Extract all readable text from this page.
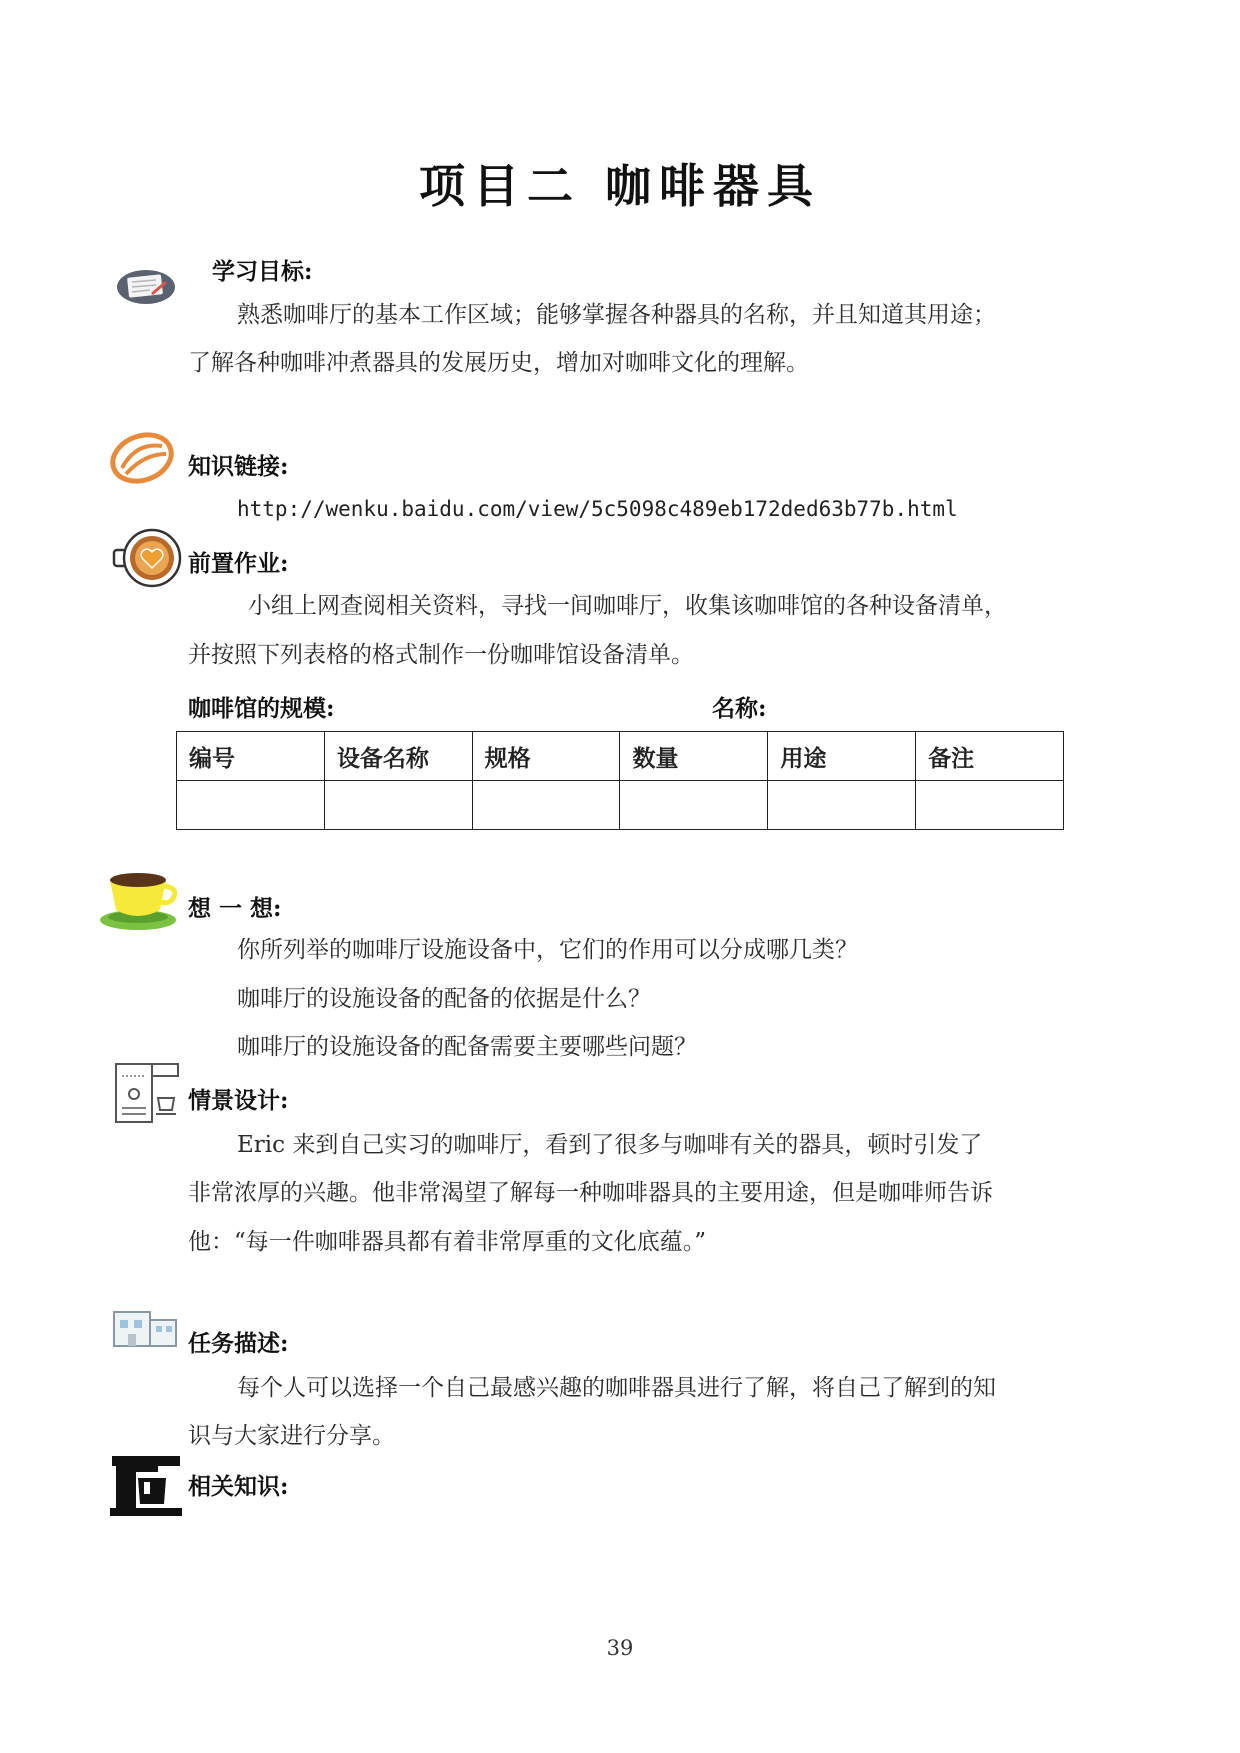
项目二 咖啡器具
学习目标:
熟悉咖啡厅的基本工作区域；能够掌握各种器具的名称，并且知道其用途；
了解各种咖啡冲煮器具的发展历史，增加对咖啡文化的理解。
知识链接:
http://wenku.baidu.com/view/5c5098c489eb172ded63b77b.html
前置作业:
小组上网查阅相关资料，寻找一间咖啡厅，收集该咖啡馆的各种设备清单，
并按照下列表格的格式制作一份咖啡馆设备清单。
咖啡馆的规模:	名称:
编号	设备名称	规格	数量	用途	备注

想 一 想:
你所列举的咖啡厅设施设备中，它们的作用可以分成哪几类？
咖啡厅的设施设备的配备的依据是什么？
咖啡厅的设施设备的配备需要主要哪些问题？
情景设计:
Eric 来到自己实习的咖啡厅，看到了很多与咖啡有关的器具，顿时引发了
非常浓厚的兴趣。他非常渴望了解每一种咖啡器具的主要用途，但是咖啡师告诉
他：“每一件咖啡器具都有着非常厚重的文化底蕴。”
任务描述:
每个人可以选择一个自己最感兴趣的咖啡器具进行了解，将自己了解到的知
识与大家进行分享。
相关知识:
39
